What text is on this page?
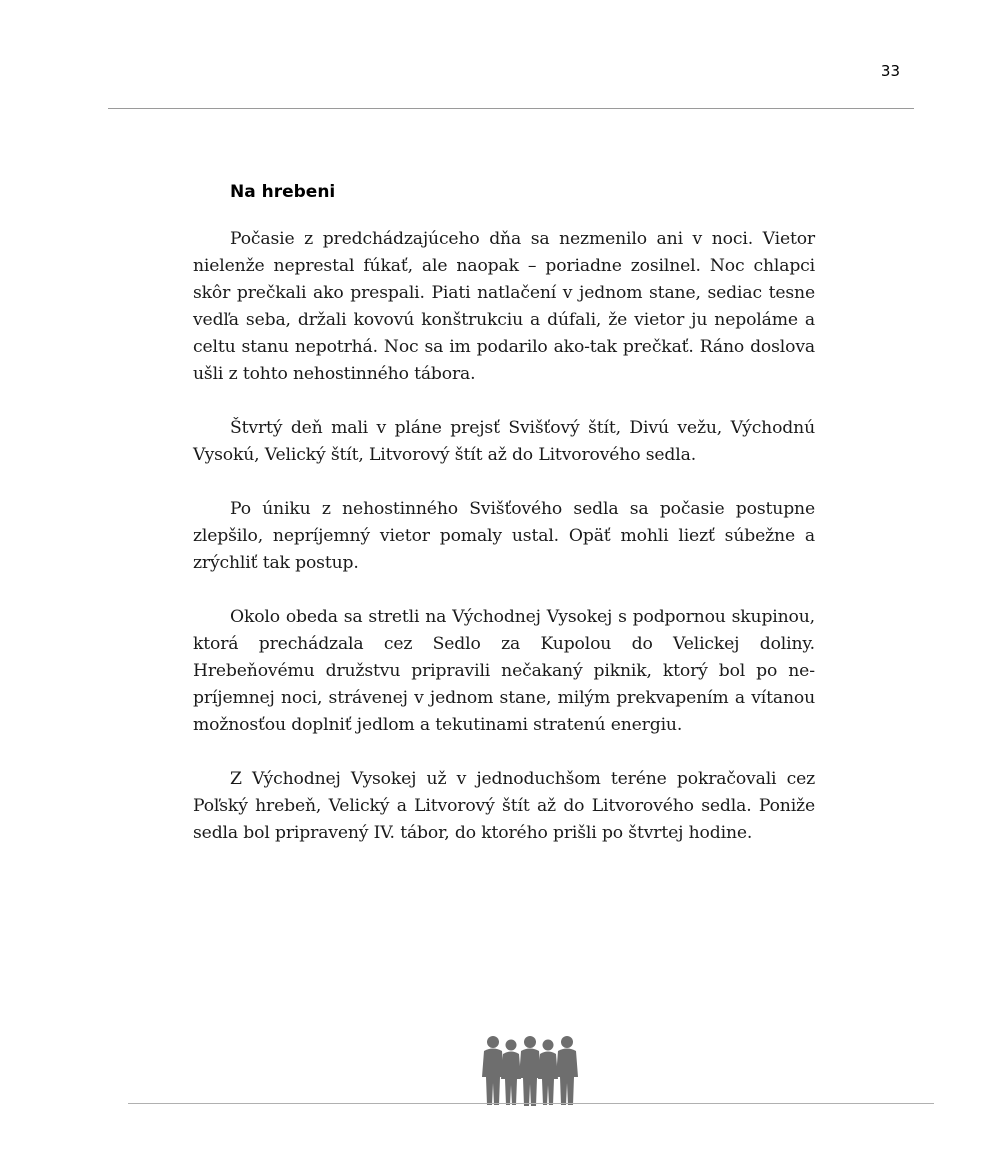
33

Na hrebeni

Počasie z predchádzajúceho dňa sa nezmenilo ani v noci. Vietor nielenže neprestal fúkať, ale naopak – poriadne zosilnel. Noc chlapci skôr prečkali ako prespali. Piati natlačení v jednom stane, sediac tesne vedľa seba, držali kovovú konštrukciu a dúfali, že vietor ju nepoláme a celtu stanu nepotrhá. Noc sa im podarilo ako-tak prečkať. Ráno doslova ušli z tohto nehostinného tábora.

Štvrtý deň mali v pláne prejsť Svišťový štít, Divú vežu, Východnú Vysokú, Velický štít, Litvorový štít až do Litvorového sedla.

Po úniku z nehostinného Svišťového sedla sa počasie postupne zlepšilo, nepríjemný vietor pomaly ustal. Opäť mohli liezť súbežne a zrýchliť tak postup.

Okolo obeda sa stretli na Východnej Vysokej s podpornou skupinou, ktorá prechádzala cez Sedlo za Kupolou do Velickej doliny. Hrebeňovému družstvu pripravili nečakaný piknik, ktorý bol po nepríjemnej noci, strávenej v jednom stane, milým prekvapením a vítanou možnosťou doplniť jedlom a tekutinami stratenú energiu.

Z Východnej Vysokej už v jednoduchšom teréne pokračovali cez Poľský hrebeň, Velický a Litvorový štít až do Litvorového sedla. Poniže sedla bol pripravený IV. tábor, do ktorého prišli po štvrtej hodine.
